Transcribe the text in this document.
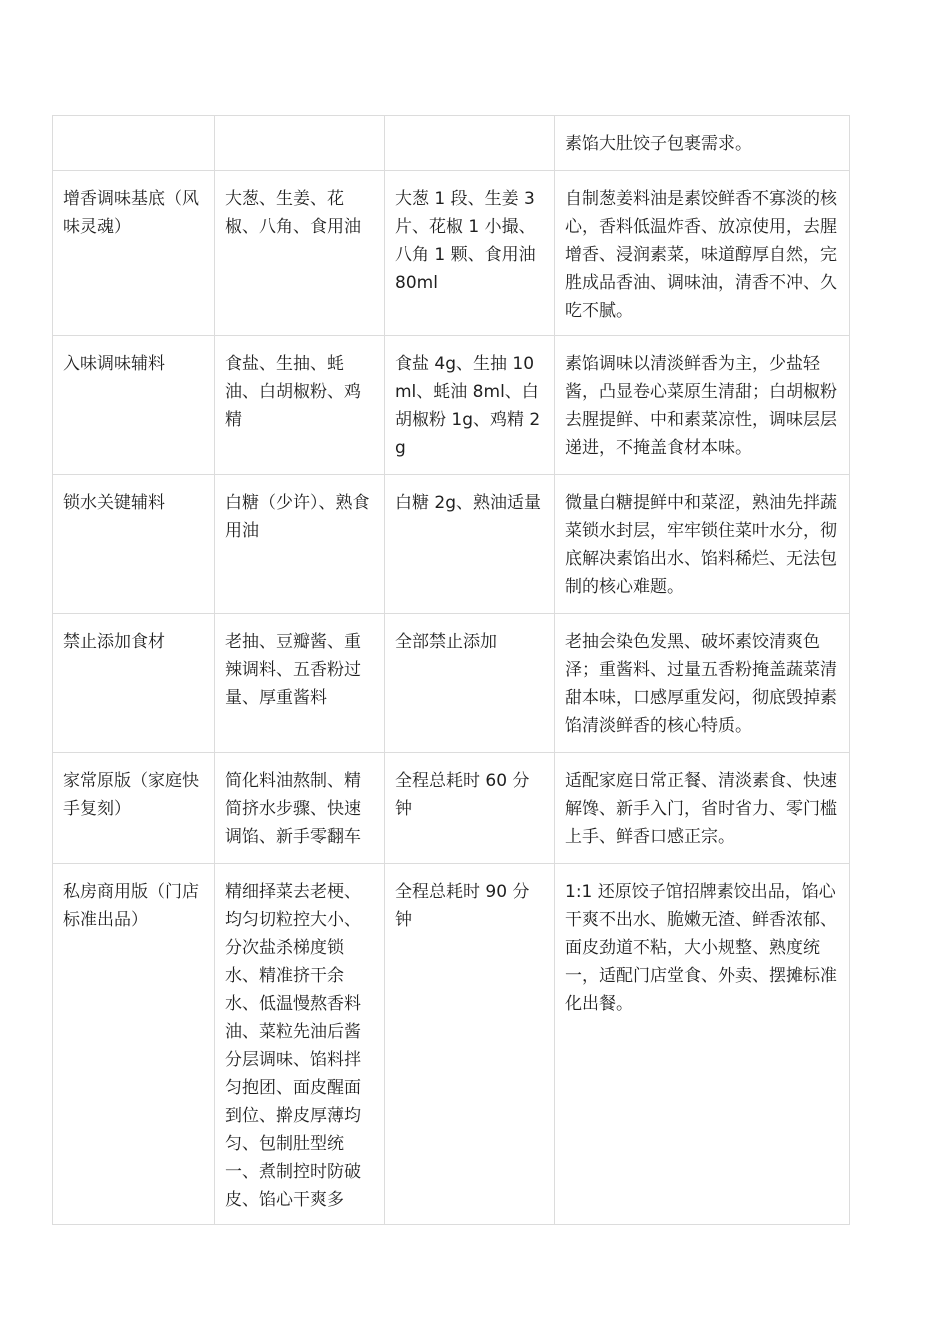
			素馅大肚饺子包裹需求。
增香调味基底（风味灵魂）	大葱、生姜、花椒、八角、食用油	大葱 1 段、生姜 3 片、花椒 1 小撮、八角 1 颗、食用油 80ml	自制葱姜料油是素饺鲜香不寡淡的核心，香料低温炸香、放凉使用，去腥增香、浸润素菜，味道醇厚自然，完胜成品香油、调味油，清香不冲、久吃不腻。
入味调味辅料	食盐、生抽、蚝油、白胡椒粉、鸡精	食盐 4g、生抽 10ml、蚝油 8ml、白胡椒粉 1g、鸡精 2g	素馅调味以清淡鲜香为主，少盐轻酱，凸显卷心菜原生清甜；白胡椒粉去腥提鲜、中和素菜凉性，调味层层递进，不掩盖食材本味。
锁水关键辅料	白糖（少许）、熟食用油	白糖 2g、熟油适量	微量白糖提鲜中和菜涩，熟油先拌蔬菜锁水封层，牢牢锁住菜叶水分，彻底解决素馅出水、馅料稀烂、无法包制的核心难题。
禁止添加食材	老抽、豆瓣酱、重辣调料、五香粉过量、厚重酱料	全部禁止添加	老抽会染色发黑、破坏素饺清爽色泽；重酱料、过量五香粉掩盖蔬菜清甜本味，口感厚重发闷，彻底毁掉素馅清淡鲜香的核心特质。
家常原版（家庭快手复刻）	简化料油熬制、精简挤水步骤、快速调馅、新手零翻车	全程总耗时 60 分钟	适配家庭日常正餐、清淡素食、快速解馋、新手入门，省时省力、零门槛上手、鲜香口感正宗。
私房商用版（门店标准出品）	精细择菜去老梗、均匀切粒控大小、分次盐杀梯度锁水、精准挤干余水、低温慢熬香料油、菜粒先油后酱分层调味、馅料拌匀抱团、面皮醒面到位、擀皮厚薄均匀、包制肚型统一、煮制控时防破皮、馅心干爽多	全程总耗时 90 分钟	1:1 还原饺子馆招牌素饺出品，馅心干爽不出水、脆嫩无渣、鲜香浓郁、面皮劲道不粘，大小规整、熟度统一，适配门店堂食、外卖、摆摊标准化出餐。
